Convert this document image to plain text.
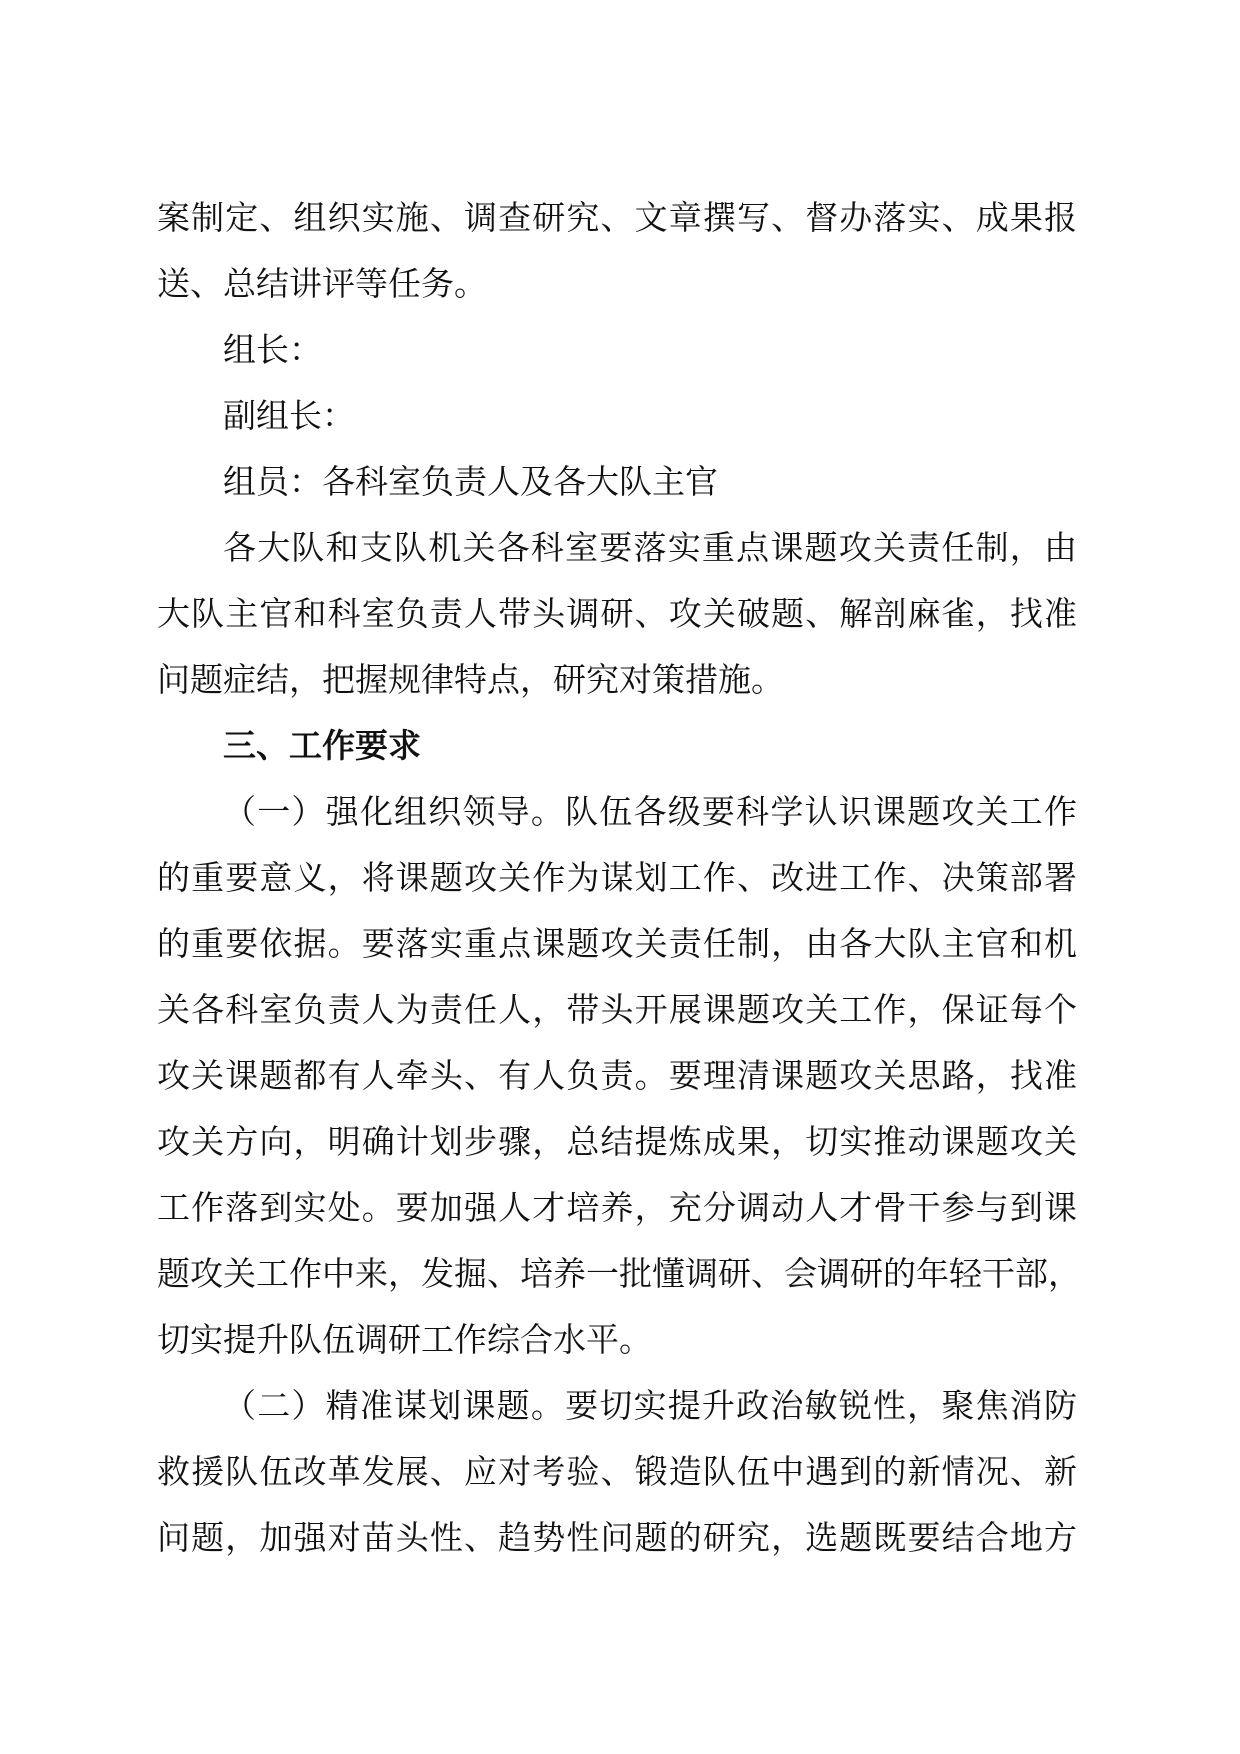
案制定、组织实施、调查研究、文章撰写、督办落实、成果报
送、总结讲评等任务。
组长：
副组长：
组员：各科室负责人及各大队主官
各大队和支队机关各科室要落实重点课题攻关责任制，由
大队主官和科室负责人带头调研、攻关破题、解剖麻雀，找准
问题症结，把握规律特点，研究对策措施。
三、工作要求
（一）强化组织领导。队伍各级要科学认识课题攻关工作
的重要意义，将课题攻关作为谋划工作、改进工作、决策部署
的重要依据。要落实重点课题攻关责任制，由各大队主官和机
关各科室负责人为责任人，带头开展课题攻关工作，保证每个
攻关课题都有人牵头、有人负责。要理清课题攻关思路，找准
攻关方向，明确计划步骤，总结提炼成果，切实推动课题攻关
工作落到实处。要加强人才培养，充分调动人才骨干参与到课
题攻关工作中来，发掘、培养一批懂调研、会调研的年轻干部，
切实提升队伍调研工作综合水平。
（二）精准谋划课题。要切实提升政治敏锐性，聚焦消防
救援队伍改革发展、应对考验、锻造队伍中遇到的新情况、新
问题，加强对苗头性、趋势性问题的研究，选题既要结合地方
